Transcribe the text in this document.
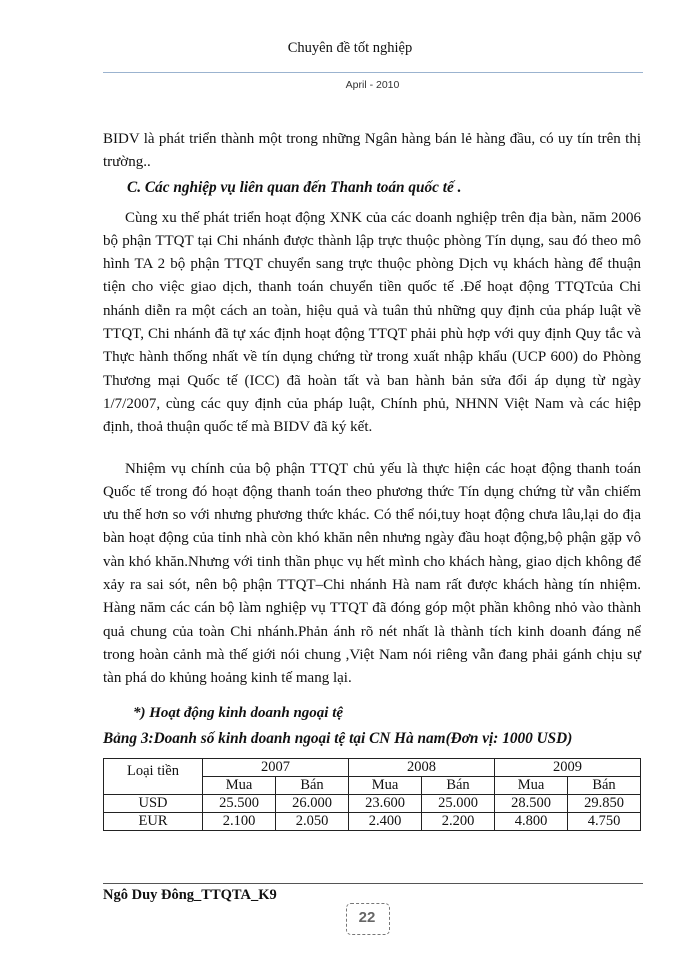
Chuyên đề tốt nghiệp
April - 2010

BIDV là phát triển thành một trong những Ngân hàng bán lẻ hàng đầu, có uy tín trên thị trường..

C. Các nghiệp vụ liên quan đến Thanh toán quốc tế .

Cùng xu thế phát triển hoạt động XNK của các doanh nghiệp trên địa bàn, năm 2006 bộ phận TTQT tại Chi nhánh được thành lập trực thuộc phòng Tín dụng, sau đó theo mô hình TA 2 bộ phận TTQT chuyển sang trực thuộc phòng Dịch vụ khách hàng để thuận tiện cho việc giao dịch, thanh toán chuyển tiền quốc tế .Để hoạt động TTQTcủa Chi nhánh diễn ra một cách an toàn, hiệu quả và tuân thủ những quy định của pháp luật về TTQT, Chi nhánh đã tự xác định hoạt động TTQT phải phù hợp với quy định Quy tắc và Thực hành thống nhất về tín dụng chứng từ trong xuất nhập khẩu (UCP 600) do Phòng Thương mại Quốc tế (ICC) đã hoàn tất và ban hành bản sửa đổi áp dụng từ ngày 1/7/2007, cùng các quy định của pháp luật, Chính phủ, NHNN Việt Nam và các hiệp định, thoả thuận quốc tế mà BIDV đã ký kết.

Nhiệm vụ chính của bộ phận TTQT chủ yếu là thực hiện các hoạt động thanh toán Quốc tế trong đó hoạt động thanh toán theo phương thức Tín dụng chứng từ vẫn chiếm ưu thế hơn so với nhưng phương thức khác. Có thể nói,tuy hoạt động chưa lâu,lại do địa bàn hoạt động của tỉnh nhà còn khó khăn nên nhưng ngày đầu hoạt động,bộ phận gặp vô vàn khó khăn.Nhưng với tinh thần phục vụ hết mình cho khách hàng, giao dịch không để xảy ra sai sót, nên bộ phận TTQT–Chi nhánh Hà nam rất được khách hàng tín nhiệm. Hàng năm các cán bộ làm nghiệp vụ TTQT đã đóng góp một phần không nhỏ vào thành quả chung của toàn Chi nhánh.Phản ánh rõ nét nhất là thành tích kinh doanh đáng nể trong hoàn cảnh mà thế giới nói chung ,Việt Nam nói riêng vẫn đang phải gánh chịu sự tàn phá do khủng hoảng kinh tế mang lại.

*) Hoạt động kinh doanh ngoại tệ
Bảng 3:Doanh số kinh doanh ngoại tệ tại CN Hà nam(Đơn vị: 1000 USD)
Loại tiền	2007		2008		2009	
	Mua	Bán	Mua	Bán	Mua	Bán
USD	25.500	26.000	23.600	25.000	28.500	29.850
EUR	2.100	2.050	2.400	2.200	4.800	4.750
Ngô Duy Đông_TTQTA_K9
22
